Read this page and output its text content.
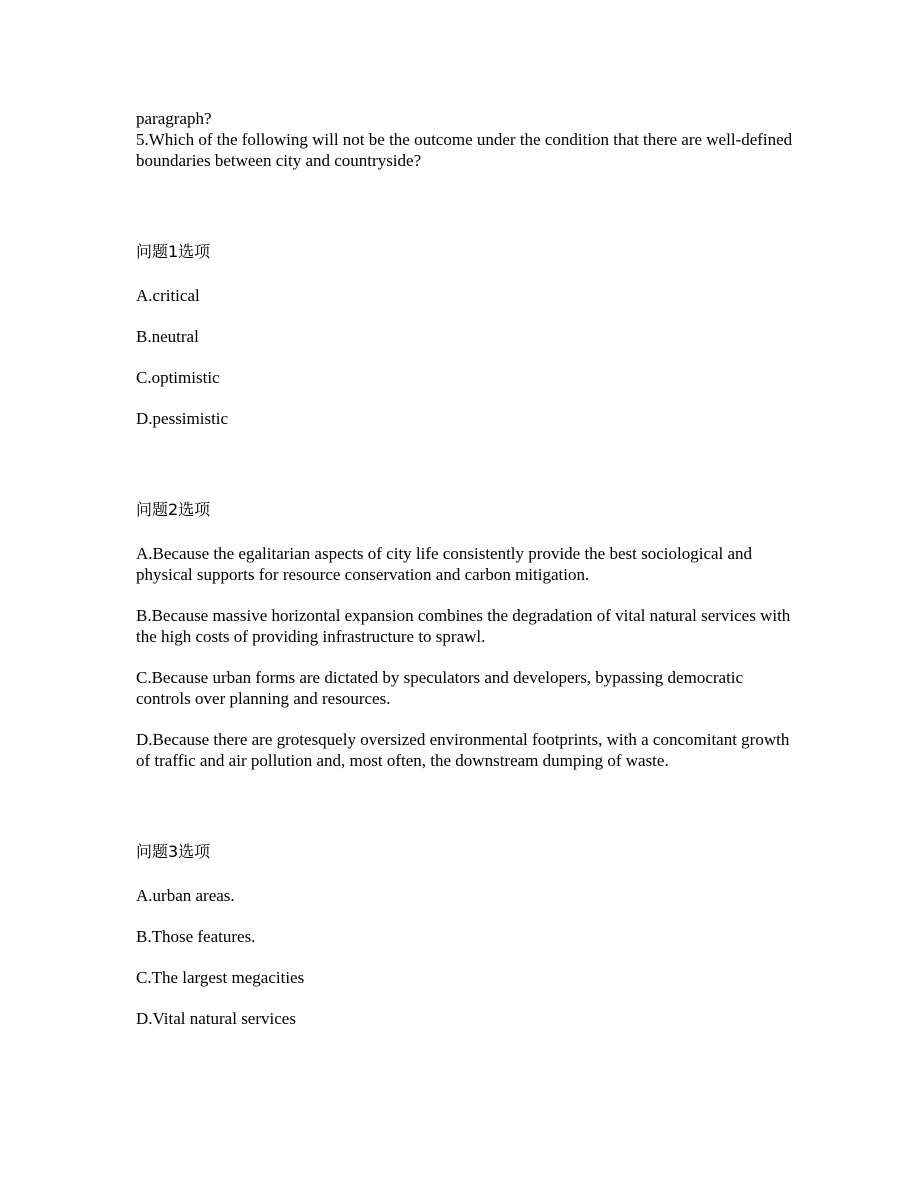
paragraph?

5.Which of the following will not be the outcome under the condition that there are well-defined boundaries between city and countryside?

问题1选项

A.critical

B.neutral

C.optimistic

D.pessimistic

问题2选项

A.Because the egalitarian aspects of city life consistently provide the best sociological and physical supports for resource conservation and carbon mitigation.

B.Because massive horizontal expansion combines the degradation of vital natural services with the high costs of providing infrastructure to sprawl.

C.Because urban forms are dictated by speculators and developers, bypassing democratic controls over planning and resources.

D.Because there are grotesquely oversized environmental footprints, with a concomitant growth of traffic and air pollution and, most often, the downstream dumping of waste.

问题3选项

A.urban areas.

B.Those features.

C.The largest megacities

D.Vital natural services
